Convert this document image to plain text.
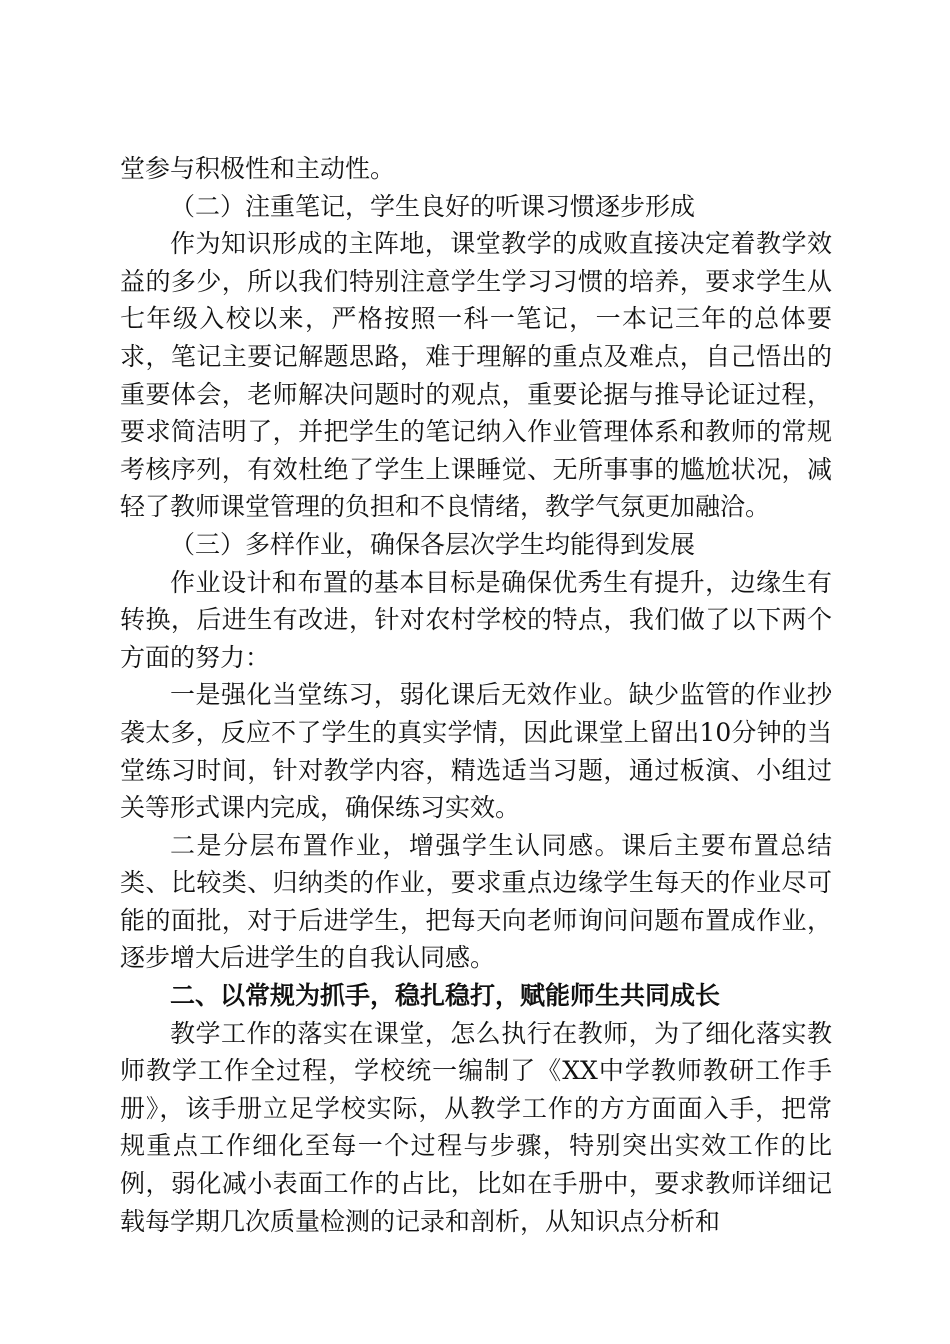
堂参与积极性和主动性。

（二）注重笔记，学生良好的听课习惯逐步形成

作为知识形成的主阵地，课堂教学的成败直接决定着教学效益的多少，所以我们特别注意学生学习习惯的培养，要求学生从七年级入校以来，严格按照一科一笔记，一本记三年的总体要求，笔记主要记解题思路，难于理解的重点及难点，自己悟出的重要体会，老师解决问题时的观点，重要论据与推导论证过程，要求简洁明了，并把学生的笔记纳入作业管理体系和教师的常规考核序列，有效杜绝了学生上课睡觉、无所事事的尴尬状况，减轻了教师课堂管理的负担和不良情绪，教学气氛更加融洽。

（三）多样作业，确保各层次学生均能得到发展

作业设计和布置的基本目标是确保优秀生有提升，边缘生有转换，后进生有改进，针对农村学校的特点，我们做了以下两个方面的努力：

一是强化当堂练习，弱化课后无效作业。缺少监管的作业抄袭太多，反应不了学生的真实学情，因此课堂上留出10分钟的当堂练习时间，针对教学内容，精选适当习题，通过板演、小组过关等形式课内完成，确保练习实效。

二是分层布置作业，增强学生认同感。课后主要布置总结类、比较类、归纳类的作业，要求重点边缘学生每天的作业尽可能的面批，对于后进学生，把每天向老师询问问题布置成作业，逐步增大后进学生的自我认同感。

二、以常规为抓手，稳扎稳打，赋能师生共同成长

教学工作的落实在课堂，怎么执行在教师，为了细化落实教师教学工作全过程，学校统一编制了《XX中学教师教研工作手册》，该手册立足学校实际，从教学工作的方方面面入手，把常规重点工作细化至每一个过程与步骤，特别突出实效工作的比例，弱化减小表面工作的占比，比如在手册中，要求教师详细记载每学期几次质量检测的记录和剖析，从知识点分析和
